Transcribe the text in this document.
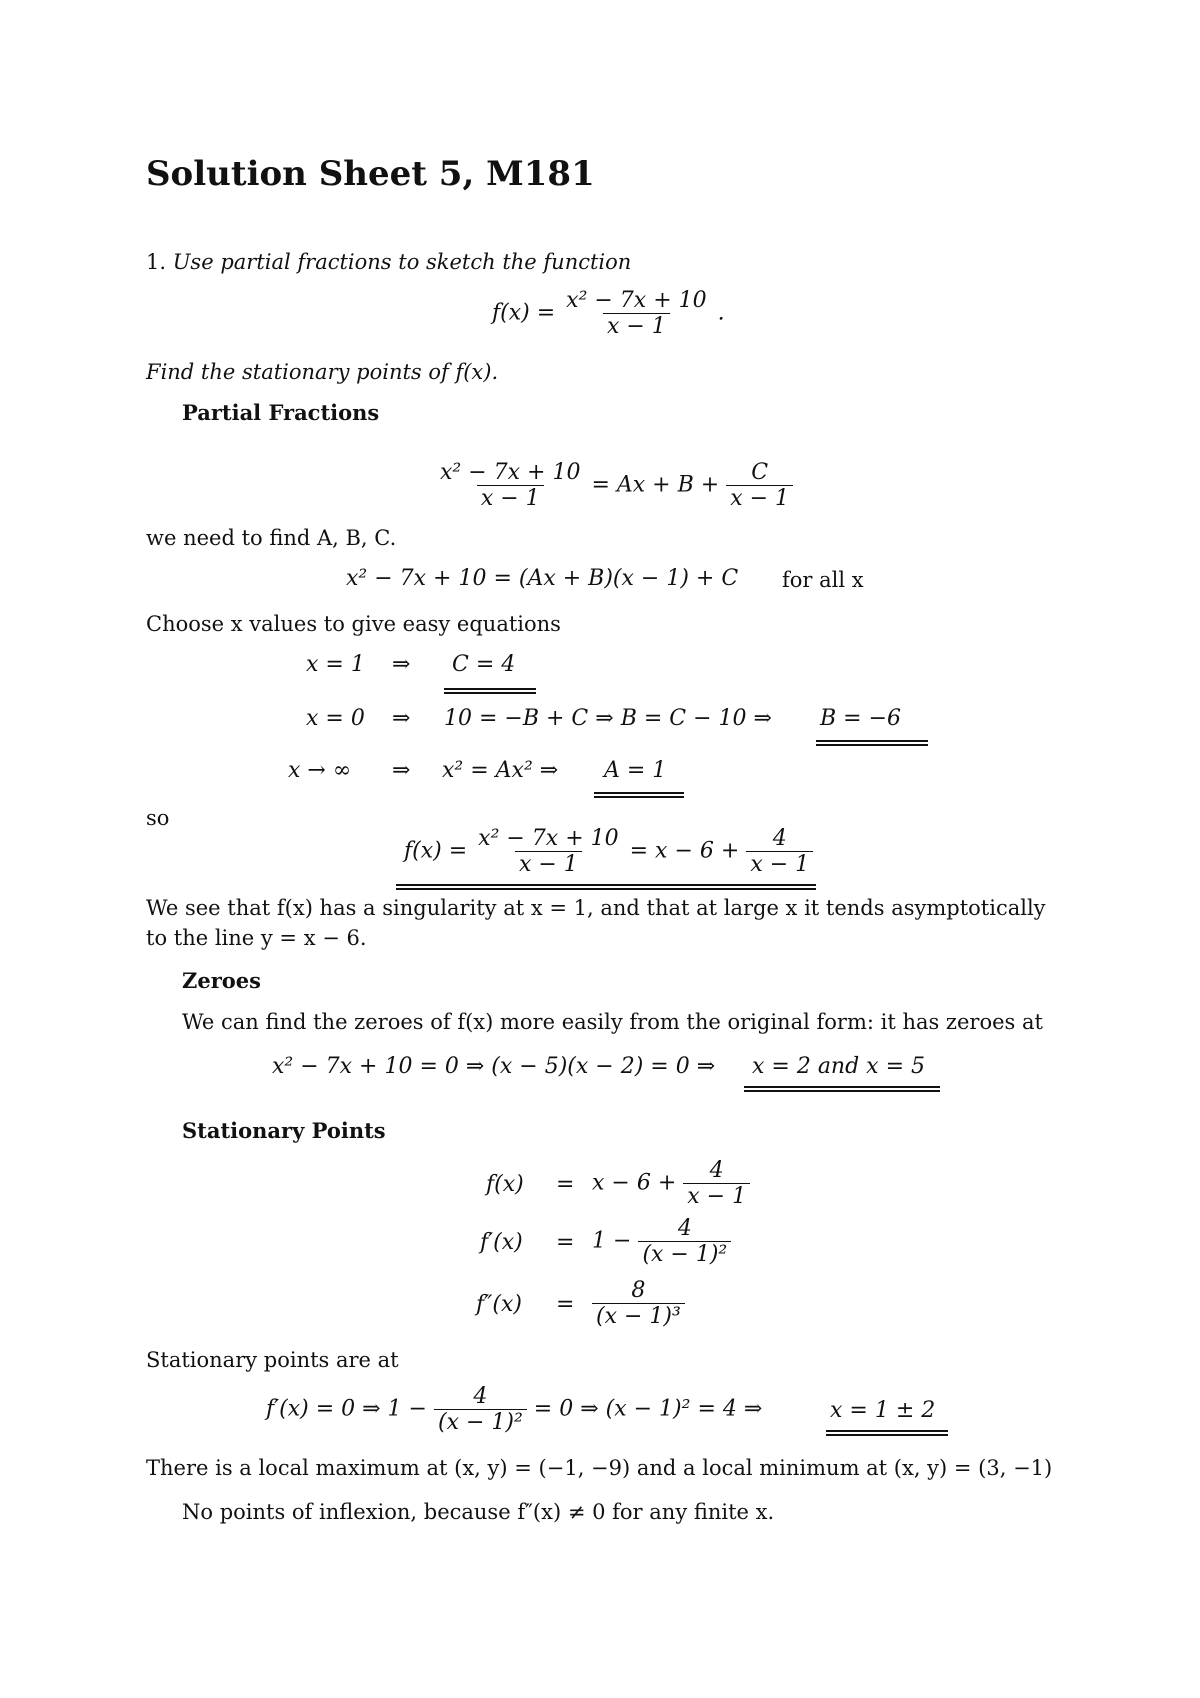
Solution Sheet 5, M181
1. Use partial fractions to sketch the function
$f(x) = \frac{\text{x² − 7x + 10}}{x - 1}$ .
Find the stationary points of f(x).
Partial Fractions
$\frac{\text{x² − 7x + 10}}{x - 1} = Ax + B + \frac{C}{x - 1}$
we need to find A, B, C.
x² − 7x + 10 = (Ax + B)(x − 1) + C for all x
Choose x values to give easy equations
x = 1 ⇒ C = 4
x = 0 ⇒ 10 = −B + C ⇒ B = C − 10 ⇒ B = −6
x → ∞ ⇒ x² = Ax² ⇒ A = 1
so
$f(x) = \frac{\text{x² − 7x + 10}}{x - 1} = x - 6 + \frac{4}{x - 1}$
We see that f(x) has a singularity at x = 1, and that at large x it tends asymptotically
to the line y = x − 6.
Zeroes
We can find the zeroes of f(x) more easily from the original form: it has zeroes at
x² − 7x + 10 = 0 ⇒ (x − 5)(x − 2) = 0 ⇒ x = 2 and x = 5
Stationary Points
$f(x) = x - 6 + \frac{4}{x - 1}$
$f'(x) = 1 - \frac{4}{\text{(x − 1)²}}$
$f''(x) = \frac{8}{\text{(x − 1)³}}$
Stationary points are at
f′(x) = 0 ⇒ $1 - \frac{4}{\text{(x − 1)²}} = 0$ ⇒ (x − 1)² = 4 ⇒	x = 1 ± 2
There is a local maximum at (x, y) = (−1, −9) and a local minimum at (x, y) = (3, −1)
No points of inflexion, because f″(x) ≠ 0 for any finite x.
